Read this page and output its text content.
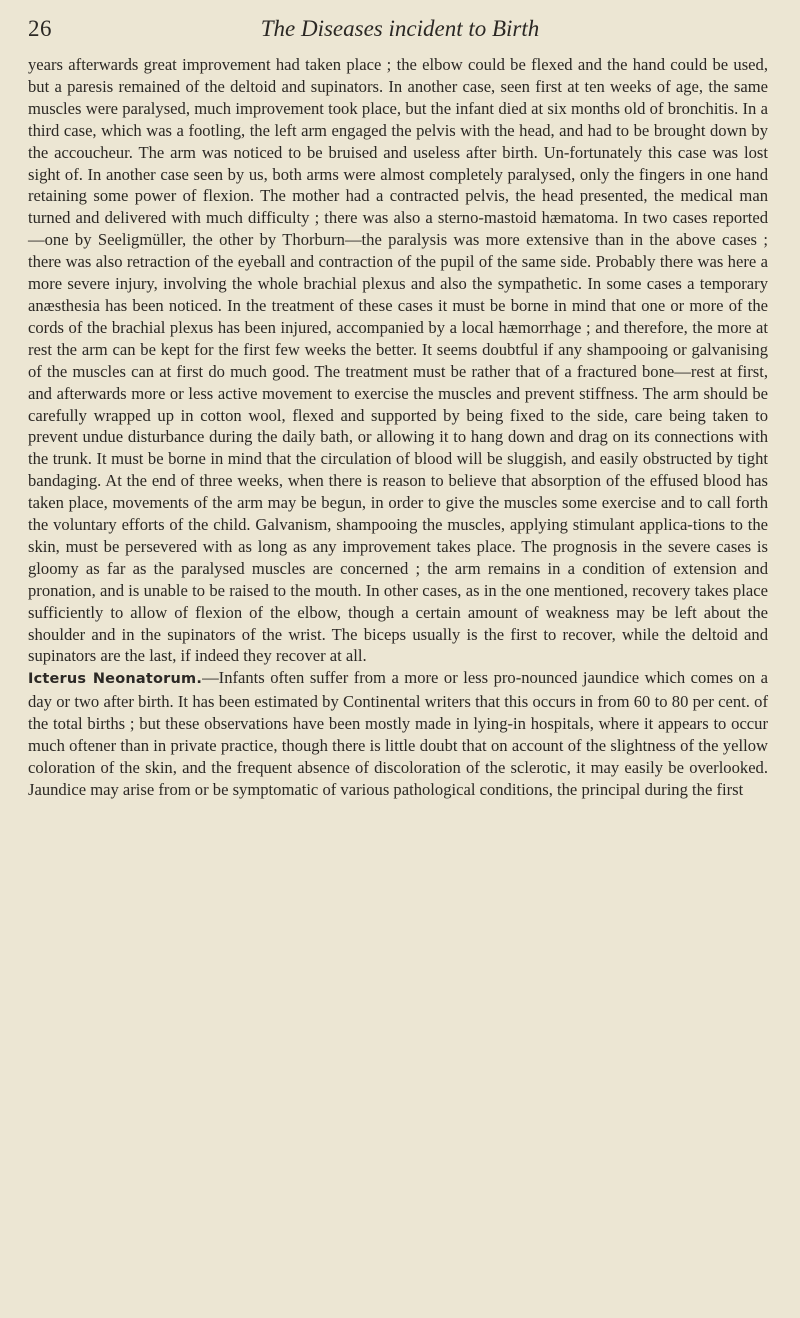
26	The Diseases incident to Birth

years afterwards great improvement had taken place ; the elbow could be flexed and the hand could be used, but a paresis remained of the deltoid and supinators. In another case, seen first at ten weeks of age, the same muscles were paralysed, much improvement took place, but the infant died at six months old of bronchitis. In a third case, which was a footling, the left arm engaged the pelvis with the head, and had to be brought down by the accoucheur. The arm was noticed to be bruised and useless after birth. Un-fortunately this case was lost sight of. In another case seen by us, both arms were almost completely paralysed, only the fingers in one hand retaining some power of flexion. The mother had a contracted pelvis, the head presented, the medical man turned and delivered with much difficulty ; there was also a sterno-mastoid hæmatoma. In two cases reported—one by Seeligmüller, the other by Thorburn—the paralysis was more extensive than in the above cases ; there was also retraction of the eyeball and contraction of the pupil of the same side. Probably there was here a more severe injury, involving the whole brachial plexus and also the sympathetic. In some cases a temporary anæsthesia has been noticed. In the treatment of these cases it must be borne in mind that one or more of the cords of the brachial plexus has been injured, accompanied by a local hæmorrhage ; and therefore, the more at rest the arm can be kept for the first few weeks the better. It seems doubtful if any shampooing or galvanising of the muscles can at first do much good. The treatment must be rather that of a fractured bone—rest at first, and afterwards more or less active movement to exercise the muscles and prevent stiffness. The arm should be carefully wrapped up in cotton wool, flexed and supported by being fixed to the side, care being taken to prevent undue disturbance during the daily bath, or allowing it to hang down and drag on its connections with the trunk. It must be borne in mind that the circulation of blood will be sluggish, and easily obstructed by tight bandaging. At the end of three weeks, when there is reason to believe that absorption of the effused blood has taken place, movements of the arm may be begun, in order to give the muscles some exercise and to call forth the voluntary efforts of the child. Galvanism, shampooing the muscles, applying stimulant applica-tions to the skin, must be persevered with as long as any improvement takes place. The prognosis in the severe cases is gloomy as far as the paralysed muscles are concerned ; the arm remains in a condition of extension and pronation, and is unable to be raised to the mouth. In other cases, as in the one mentioned, recovery takes place sufficiently to allow of flexion of the elbow, though a certain amount of weakness may be left about the shoulder and in the supinators of the wrist. The biceps usually is the first to recover, while the deltoid and supinators are the last, if indeed they recover at all.

Icterus Neonatorum.—Infants often suffer from a more or less pro-nounced jaundice which comes on a day or two after birth. It has been estimated by Continental writers that this occurs in from 60 to 80 per cent. of the total births ; but these observations have been mostly made in lying-in hospitals, where it appears to occur much oftener than in private practice, though there is little doubt that on account of the slightness of the yellow coloration of the skin, and the frequent absence of discoloration of the sclerotic, it may easily be overlooked. Jaundice may arise from or be symptomatic of various pathological conditions, the principal during the first
